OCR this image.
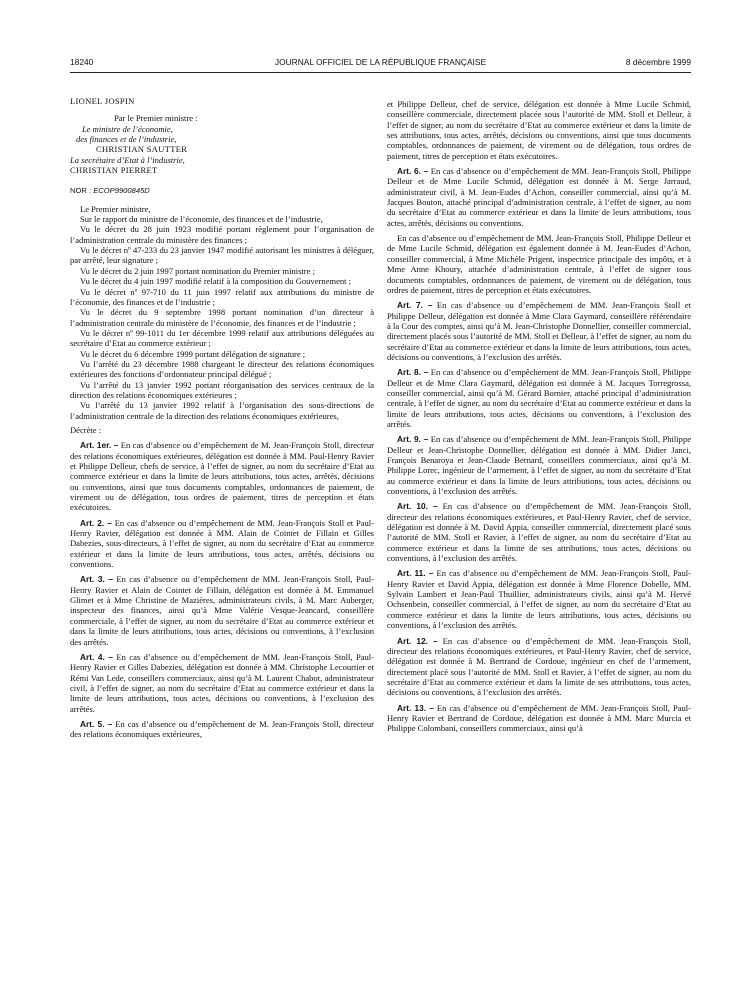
18240	JOURNAL OFFICIEL DE LA RÉPUBLIQUE FRANÇAISE	8 décembre 1999

LIONEL JOSPIN

Par le Premier ministre :

Le ministre de l’économie,

des finances et de l’industrie,

CHRISTIAN SAUTTER

La secrétaire d’Etat à l’industrie,

CHRISTIAN PIERRET

NOR : ECOP9900845D

Le Premier ministre,

Sur le rapport du ministre de l’économie, des finances et de l’industrie,

Vu le décret du 28 juin 1923 modifié portant règlement pour l’organisation de l’administration centrale du ministère des finances ;

Vu le décret nº 47-233 du 23 janvier 1947 modifié autorisant les ministres à déléguer, par arrêté, leur signature ;

Vu le décret du 2 juin 1997 portant nomination du Premier ministre ;

Vu le décret du 4 juin 1997 modifié relatif à la composition du Gouvernement ;

Vu le décret nº 97-710 du 11 juin 1997 relatif aux attributions du ministre de l’économie, des finances et de l’industrie ;

Vu le décret du 9 septembre 1998 portant nomination d’un directeur à l’administration centrale du ministère de l’économie, des finances et de l’industrie ;

Vu le décret nº 99-1011 du 1er décembre 1999 relatif aux attributions déléguées au secrétaire d’Etat au commerce extérieur ;

Vu le décret du 6 décembre 1999 portant délégation de signature ;

Vu l’arrêté du 23 décembre 1988 chargeant le directeur des relations économiques extérieures des fonctions d’ordonnateur principal délégué ;

Vu l’arrêté du 13 janvier 1992 portant réorganisation des services centraux de la direction des relations économiques extérieures ;

Vu l’arrêté du 13 janvier 1992 relatif à l’organisation des sous-directions de l’administration centrale de la direction des relations économiques extérieures,

Décrète :

Art. 1er. – En cas d’absence ou d’empêchement de M. Jean-François Stoll, directeur des relations économiques extérieures, délégation est donnée à MM. Paul-Henry Ravier et Philippe Delleur, chefs de service, à l’effet de signer, au nom du secrétaire d’Etat au commerce extérieur et dans la limite de leurs attributions, tous actes, arrêtés, décisions ou conventions, ainsi que tous documents comptables, ordonnances de paiement, de virement ou de délégation, tous ordres de paiement, titres de perception et états exécutoires.

Art. 2. – En cas d’absence ou d’empêchement de MM. Jean-François Stoll et Paul-Henry Ravier, délégation est donnée à MM. Alain de Cointet de Fillain et Gilles Dabezies, sous-directeurs, à l’effet de signer, au nom du secrétaire d’Etat au commerce extérieur et dans la limite de leurs attributions, tous actes, arrêtés, décisions ou conventions.

Art. 3. – En cas d’absence ou d’empêchement de MM. Jean-François Stoll, Paul-Henry Ravier et Alain de Cointet de Fillain, délégation est donnée à M. Emmanuel Glimet et à Mme Christine de Mazières, administrateurs civils, à M. Marc Auberger, inspecteur des finances, ainsi qu’à Mme Valérie Vesque-Jeancard, conseillère commerciale, à l’effet de signer, au nom du secrétaire d’Etat au commerce extérieur et dans la limite de leurs attributions, tous actes, décisions ou conventions, à l’exclusion des arrêtés.

Art. 4. – En cas d’absence ou d’empêchement de MM. Jean-François Stoll, Paul-Henry Ravier et Gilles Dabezies, délégation est donnée à MM. Christophe Lecourtier et Rémi Van Lede, conseillers commerciaux, ainsi qu’à M. Laurent Chabot, administrateur civil, à l’effet de signer, au nom du secrétaire d’Etat au commerce extérieur et dans la limite de leurs attributions, tous actes, décisions ou conventions, à l’exclusion des arrêtés.

Art. 5. – En cas d’absence ou d’empêchement de M. Jean-François Stoll, directeur des relations économiques extérieures,

et Philippe Delleur, chef de service, délégation est donnée à Mme Lucile Schmid, conseillère commerciale, directement placée sous l’autorité de MM. Stoll et Delleur, à l’effet de signer, au nom du secrétaire d’Etat au commerce extérieur et dans la limite de ses attributions, tous actes, arrêtés, décisions ou conventions, ainsi que tous documents comptables, ordonnances de paiement, de virement ou de délégation, tous ordres de paiement, titres de perception et états exécutoires.

Art. 6. – En cas d’absence ou d’empêchement de MM. Jean-François Stoll, Philippe Delleur et de Mme Lucile Schmid, délégation est donnée à M. Serge Jarraud, administrateur civil, à M. Jean-Eudes d’Achon, conseiller commercial, ainsi qu’à M. Jacques Bouton, attaché principal d’administration centrale, à l’effet de signer, au nom du secrétaire d’Etat au commerce extérieur et dans la limite de leurs attributions, tous actes, arrêtés, décisions ou conventions.

En cas d’absence ou d’empêchement de MM. Jean-François Stoll, Philippe Delleur et de Mme Lucile Schmid, délégation est également donnée à M. Jean-Eudes d’Achon, conseiller commercial, à Mme Michèle Prigent, inspectrice principale des impôts, et à Mme Anne Khoury, attachée d’administration centrale, à l’effet de signer tous documents comptables, ordonnances de paiement, de virement ou de délégation, tous ordres de paiement, titres de perception et états exécutoires.

Art. 7. – En cas d’absence ou d’empêchement de MM. Jean-François Stoll et Philippe Delleur, délégation est donnée à Mme Clara Gaymard, conseillère référendaire à la Cour des comptes, ainsi qu’à M. Jean-Christophe Donnellier, conseiller commercial, directement placés sous l’autorité de MM. Stoll et Delleur, à l’effet de signer, au nom du secrétaire d’Etat au commerce extérieur et dans la limite de leurs attributions, tous actes, décisions ou conventions, à l’exclusion des arrêtés.

Art. 8. – En cas d’absence ou d’empêchement de MM. Jean-François Stoll, Philippe Delleur et de Mme Clara Gaymard, délégation est donnée à M. Jacques Torregrossa, conseiller commercial, ainsi qu’à M. Gérard Bornier, attaché principal d’administration centrale, à l’effet de signer, au nom du secrétaire d’Etat au commerce extérieur et dans la limite de leurs attributions, tous actes, décisions ou conventions, à l’exclusion des arrêtés.

Art. 9. – En cas d’absence ou d’empêchement de MM. Jean-François Stoll, Philippe Delleur et Jean-Christophe Donnellier, délégation est donnée à MM. Didier Janci, François Benaroya et Jean-Claude Bernard, conseillers commerciaux, ainsi qu’à M. Philippe Lorec, ingénieur de l’armement, à l’effet de signer, au nom du secrétaire d’Etat au commerce extérieur et dans la limite de leurs attributions, tous actes, décisions ou conventions, à l’exclusion des arrêtés.

Art. 10. – En cas d’absence ou d’empêchement de MM. Jean-François Stoll, directeur des relations économiques extérieures, et Paul-Henry Ravier, chef de service, délégation est donnée à M. David Appia, conseiller commercial, directement placé sous l’autorité de MM. Stoll et Ravier, à l’effet de signer, au nom du secrétaire d’Etat au commerce extérieur et dans la limite de ses attributions, tous actes, décisions ou conventions, à l’exclusion des arrêtés.

Art. 11. – En cas d’absence ou d’empêchement de MM. Jean-François Stoll, Paul-Henry Ravier et David Appia, délégation est donnée à Mme Florence Dobelle, MM. Sylvain Lambert et Jean-Paul Thuillier, administrateurs civils, ainsi qu’à M. Hervé Ochsenbein, conseiller commercial, à l’effet de signer, au nom du secrétaire d’Etat au commerce extérieur et dans la limite de leurs attributions, tous actes, décisions ou conventions, à l’exclusion des arrêtés.

Art. 12. – En cas d’absence ou d’empêchement de MM. Jean-François Stoll, directeur des relations économiques extérieures, et Paul-Henry Ravier, chef de service, délégation est donnée à M. Bertrand de Cordoue, ingénieur en chef de l’armement, directement placé sous l’autorité de MM. Stoll et Ravier, à l’effet de signer, au nom du secrétaire d’Etat au commerce extérieur et dans la limite de ses attributions, tous actes, décisions ou conventions, à l’exclusion des arrêtés.

Art. 13. – En cas d’absence ou d’empêchement de MM. Jean-François Stoll, Paul-Henry Ravier et Bertrand de Cordoue, délégation est donnée à MM. Marc Murcia et Philippe Colombani, conseillers commerciaux, ainsi qu’à
